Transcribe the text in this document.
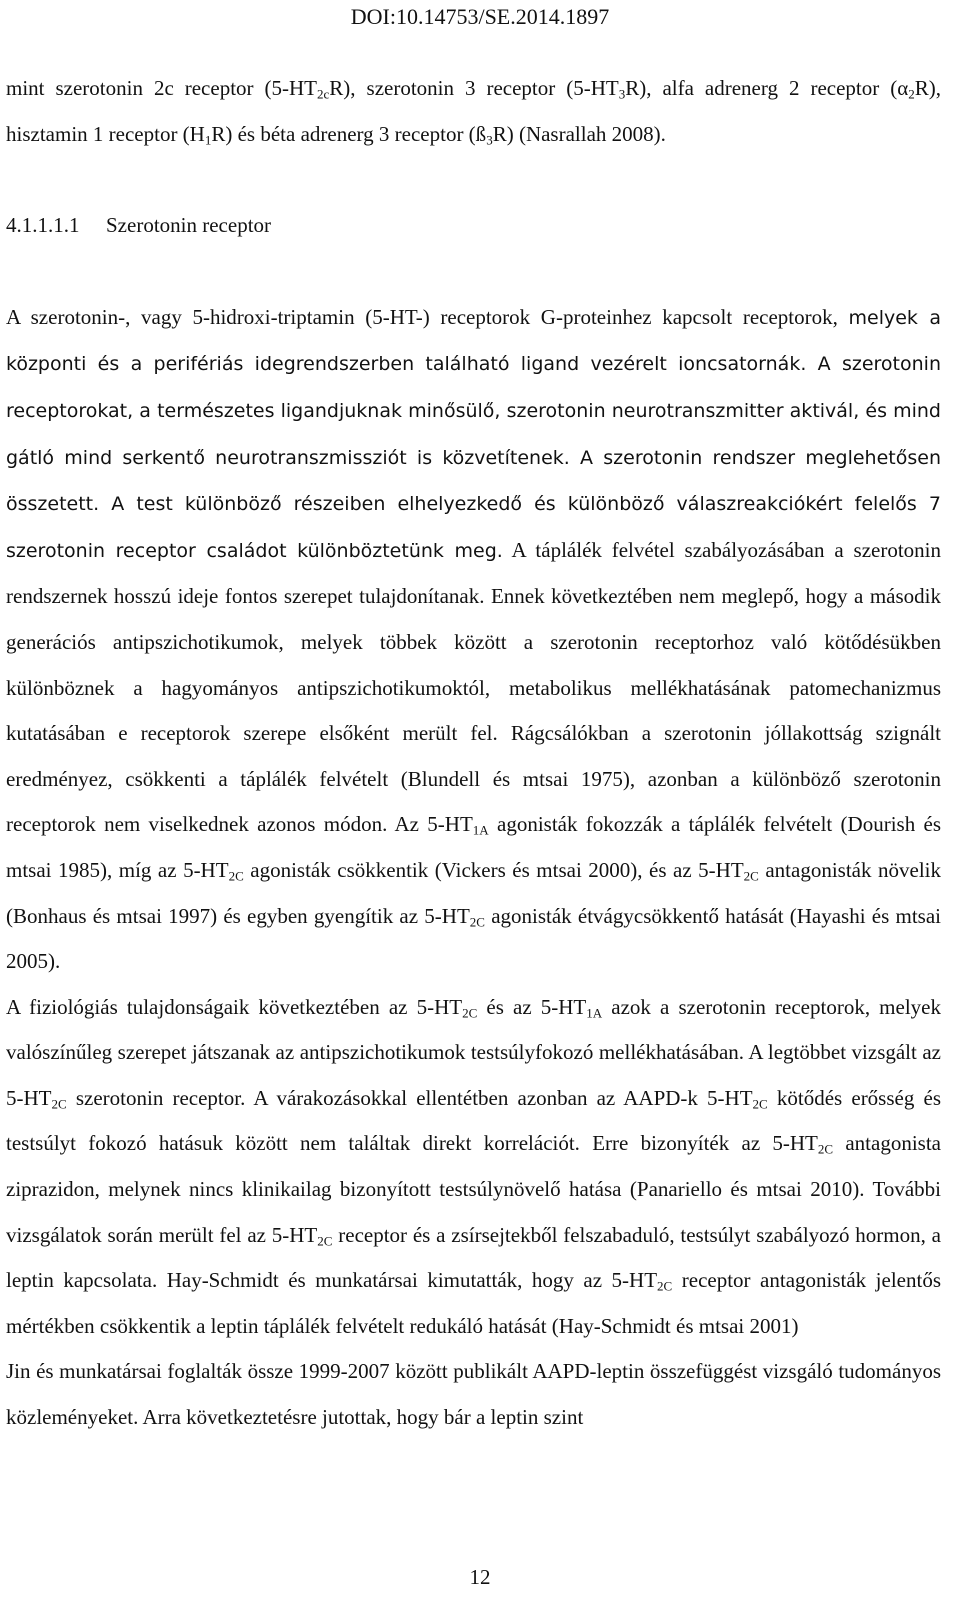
DOI:10.14753/SE.2014.1897

mint szerotonin 2c receptor $(5-HT_{2c}R)$, szerotonin 3 receptor $(5-HT_3R)$, alfa adrenerg 2 receptor $(\alpha_2R)$, hisztamin 1 receptor $(H_1R)$ és béta adrenerg 3 receptor $(ß_3R)$ (Nasrallah 2008).

4.1.1.1.1 Szerotonin receptor

A szerotonin-, vagy 5-hidroxi-triptamin (5-HT-) receptorok G-proteinhez kapcsolt receptorok, melyek a központi és a perifériás idegrendszerben található ligand vezérelt ioncsatornák. A szerotonin receptorokat, a természetes ligandjuknak minősülő, szerotonin neurotranszmitter aktivál, és mind gátló mind serkentő neurotranszmissziót is közvetítenek. A szerotonin rendszer meglehetősen összetett. A test különböző részeiben elhelyezkedő és különböző válaszreakciókért felelős 7 szerotonin receptor családot különböztetünk meg. A táplálék felvétel szabályozásában a szerotonin rendszernek hosszú ideje fontos szerepet tulajdonítanak. Ennek következtében nem meglepő, hogy a második generációs antipszichotikumok, melyek többek között a szerotonin receptorhoz való kötődésükben különböznek a hagyományos antipszichotikumoktól, metabolikus mellékhatásának patomechanizmus kutatásában e receptorok szerepe elsőként merült fel. Rágcsálókban a szerotonin jóllakottság szignált eredményez, csökkenti a táplálék felvételt (Blundell és mtsai 1975), azonban a különböző szerotonin receptorok nem viselkednek azonos módon. Az $5-HT_{1A}$ agonisták fokozzák a táplálék felvételt (Dourish és mtsai 1985), míg az $5-HT_{2C}$ agonisták csökkentik (Vickers és mtsai 2000), és az $5-HT_{2C}$ antagonisták növelik (Bonhaus és mtsai 1997) és egyben gyengítik az $5-HT_{2C}$ agonisták étvágycsökkentő hatását (Hayashi és mtsai 2005).

A fiziológiás tulajdonságaik következtében az $5-HT_{2C}$ és az $5-HT_{1A}$ azok a szerotonin receptorok, melyek valószínűleg szerepet játszanak az antipszichotikumok testsúlyfokozó mellékhatásában. A legtöbbet vizsgált az $5-HT_{2C}$ szerotonin receptor. A várakozásokkal ellentétben azonban az AAPD-k $5-HT_{2C}$ kötődés erősség és testsúlyt fokozó hatásuk között nem találtak direkt korrelációt. Erre bizonyíték az $5-HT_{2C}$ antagonista ziprazidon, melynek nincs klinikailag bizonyított testsúlynövelő hatása (Panariello és mtsai 2010). További vizsgálatok során merült fel az $5-HT_{2C}$ receptor és a zsírsejtekből felszabaduló, testsúlyt szabályozó hormon, a leptin kapcsolata. Hay-Schmidt és munkatársai kimutatták, hogy az $5-HT_{2C}$ receptor antagonisták jelentős mértékben csökkentik a leptin táplálék felvételt redukáló hatását (Hay-Schmidt és mtsai 2001)

Jin és munkatársai foglalták össze 1999-2007 között publikált AAPD-leptin összefüggést vizsgáló tudományos közleményeket. Arra következtetésre jutottak, hogy bár a leptin szint

12
